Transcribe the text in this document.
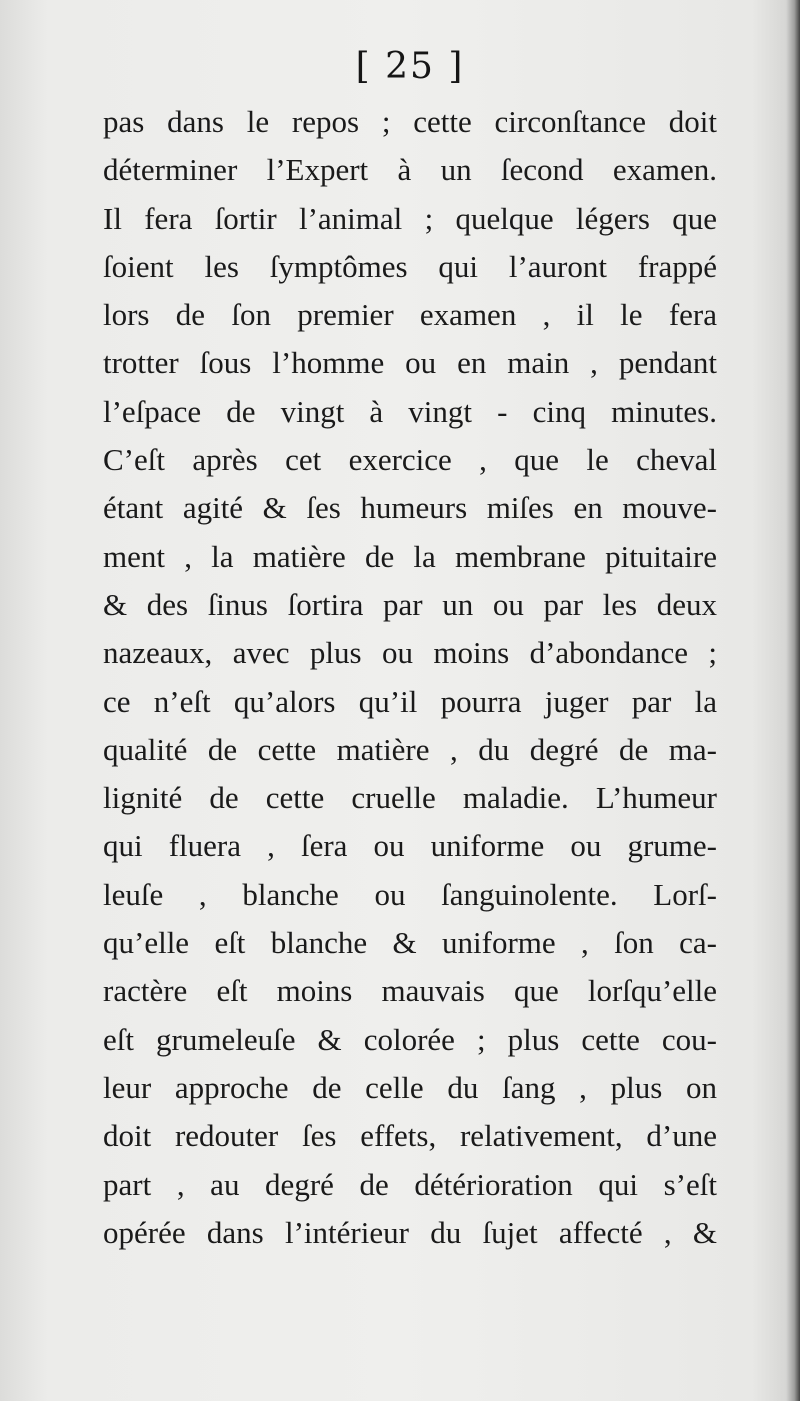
[ 25 ]
pas dans le repos ; cette circonſtance doit
déterminer l’Expert à un ſecond examen.
Il fera ſortir l’animal ; quelque légers que
ſoient les ſymptômes qui l’auront frappé
lors de ſon premier examen , il le fera
trotter ſous l’homme ou en main , pendant
l’eſpace de vingt à vingt - cinq minutes.
C’eſt après cet exercice , que le cheval
étant agité & ſes humeurs miſes en mouve-
ment , la matière de la membrane pituitaire
& des ſinus ſortira par un ou par les deux
nazeaux, avec plus ou moins d’abondance ;
ce n’eſt qu’alors qu’il pourra juger par la
qualité de cette matière , du degré de ma-
lignité de cette cruelle maladie. L’humeur
qui fluera , ſera ou uniforme ou grume-
leuſe , blanche ou ſanguinolente. Lorſ-
qu’elle eſt blanche & uniforme , ſon ca-
ractère eſt moins mauvais que lorſqu’elle
eſt grumeleuſe & colorée ; plus cette cou-
leur approche de celle du ſang , plus on
doit redouter ſes effets, relativement, d’une
part , au degré de détérioration qui s’eſt
opérée dans l’intérieur du ſujet affecté , &
